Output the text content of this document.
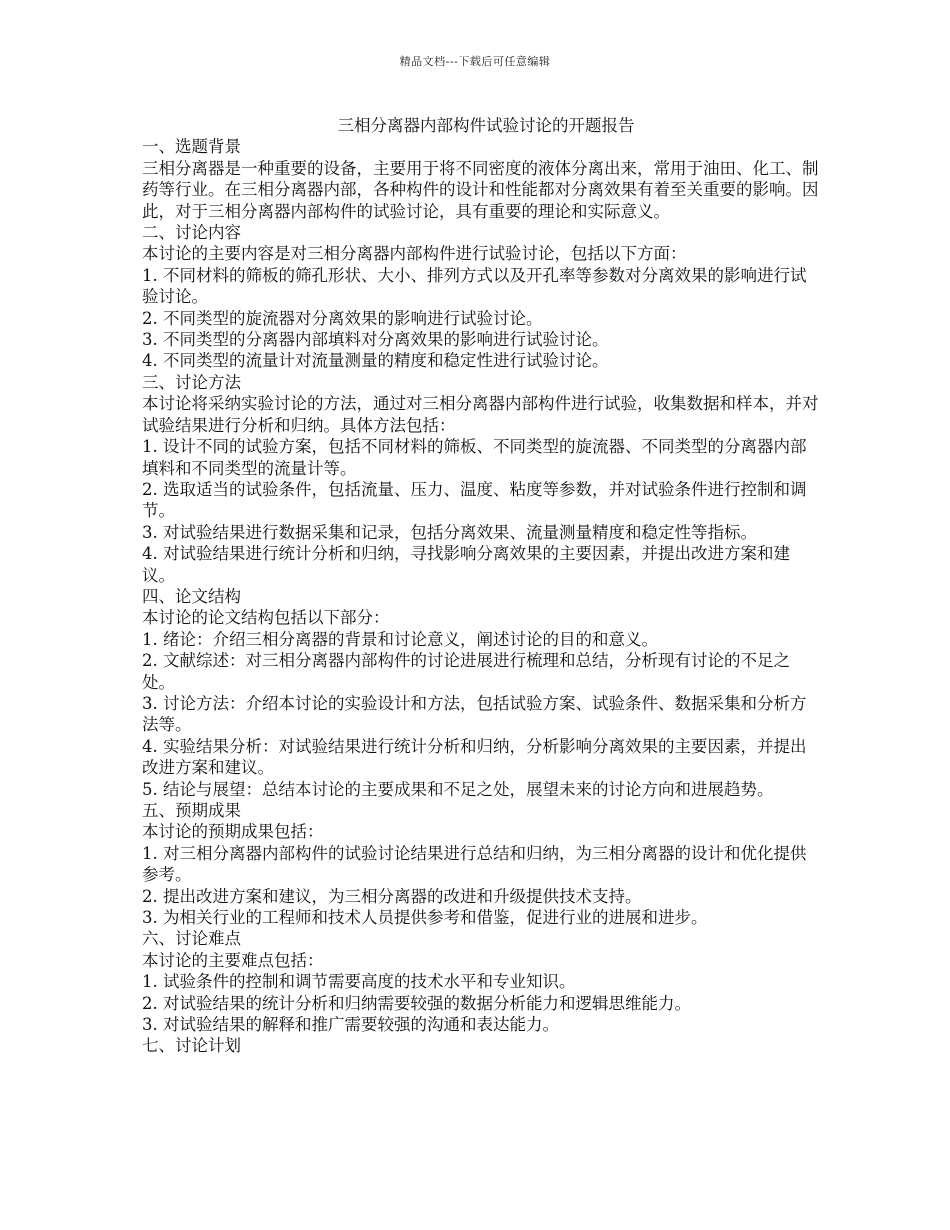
精品文档---下载后可任意编辑

三相分离器内部构件试验讨论的开题报告

一、选题背景

三相分离器是一种重要的设备，主要用于将不同密度的液体分离出来，常用于油田、化工、制药等行业。在三相分离器内部，各种构件的设计和性能都对分离效果有着至关重要的影响。因此，对于三相分离器内部构件的试验讨论，具有重要的理论和实际意义。

二、讨论内容

本讨论的主要内容是对三相分离器内部构件进行试验讨论，包括以下方面：

1. 不同材料的筛板的筛孔形状、大小、排列方式以及开孔率等参数对分离效果的影响进行试验讨论。

2. 不同类型的旋流器对分离效果的影响进行试验讨论。

3. 不同类型的分离器内部填料对分离效果的影响进行试验讨论。

4. 不同类型的流量计对流量测量的精度和稳定性进行试验讨论。

三、讨论方法

本讨论将采纳实验讨论的方法，通过对三相分离器内部构件进行试验，收集数据和样本，并对试验结果进行分析和归纳。具体方法包括：

1. 设计不同的试验方案，包括不同材料的筛板、不同类型的旋流器、不同类型的分离器内部填料和不同类型的流量计等。

2. 选取适当的试验条件，包括流量、压力、温度、粘度等参数，并对试验条件进行控制和调节。

3. 对试验结果进行数据采集和记录，包括分离效果、流量测量精度和稳定性等指标。

4. 对试验结果进行统计分析和归纳，寻找影响分离效果的主要因素，并提出改进方案和建议。

四、论文结构

本讨论的论文结构包括以下部分：

1. 绪论：介绍三相分离器的背景和讨论意义，阐述讨论的目的和意义。

2. 文献综述：对三相分离器内部构件的讨论进展进行梳理和总结，分析现有讨论的不足之处。

3. 讨论方法：介绍本讨论的实验设计和方法，包括试验方案、试验条件、数据采集和分析方法等。

4. 实验结果分析：对试验结果进行统计分析和归纳，分析影响分离效果的主要因素，并提出改进方案和建议。

5. 结论与展望：总结本讨论的主要成果和不足之处，展望未来的讨论方向和进展趋势。

五、预期成果

本讨论的预期成果包括：

1. 对三相分离器内部构件的试验讨论结果进行总结和归纳，为三相分离器的设计和优化提供参考。

2. 提出改进方案和建议，为三相分离器的改进和升级提供技术支持。

3. 为相关行业的工程师和技术人员提供参考和借鉴，促进行业的进展和进步。

六、讨论难点

本讨论的主要难点包括：

1. 试验条件的控制和调节需要高度的技术水平和专业知识。

2. 对试验结果的统计分析和归纳需要较强的数据分析能力和逻辑思维能力。

3. 对试验结果的解释和推广需要较强的沟通和表达能力。

七、讨论计划
